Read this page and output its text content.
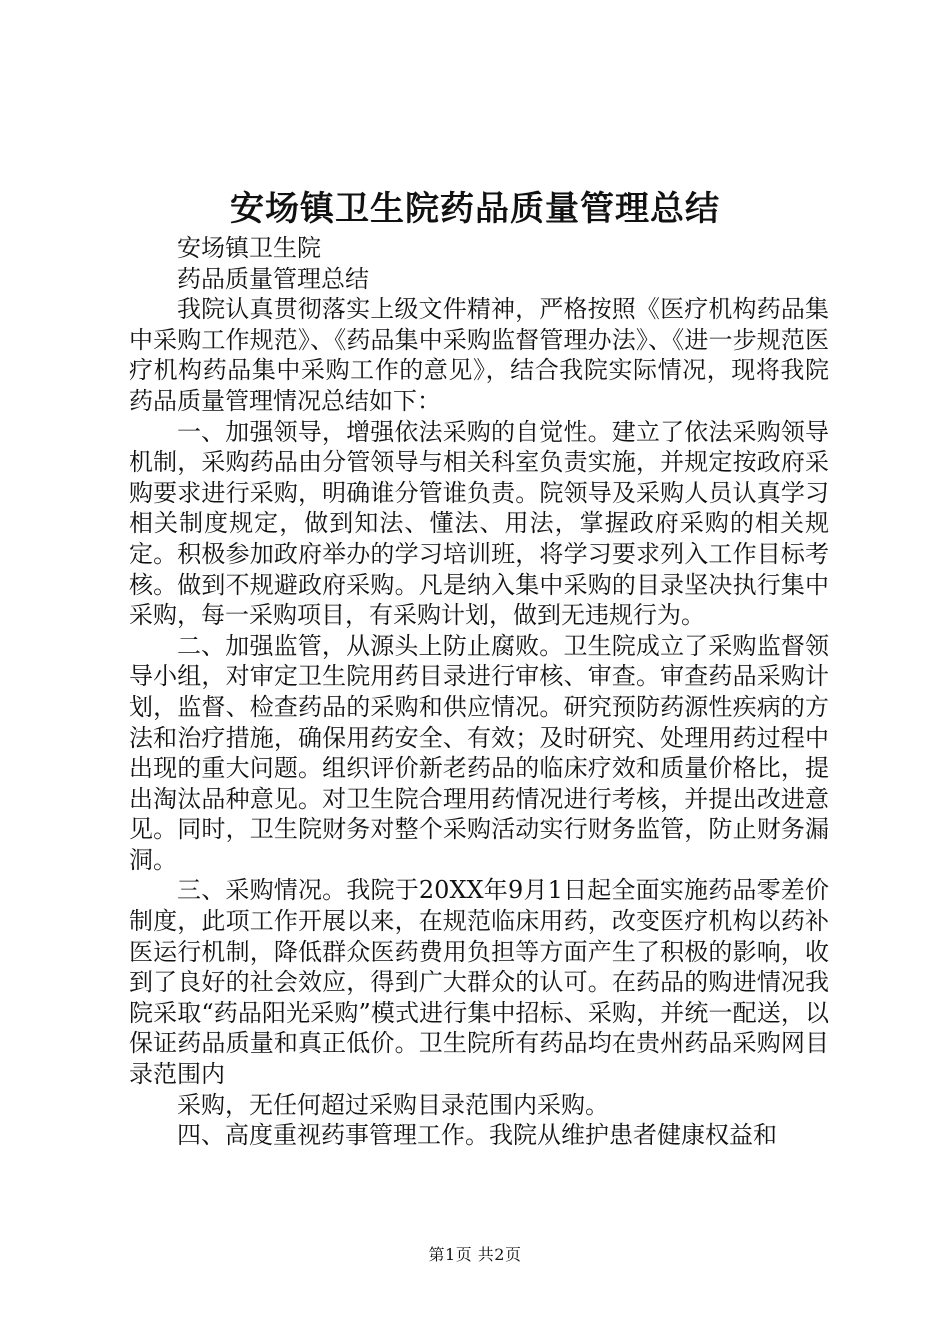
安场镇卫生院药品质量管理总结

安场镇卫生院

药品质量管理总结

我院认真贯彻落实上级文件精神，严格按照《医疗机构药品集中采购工作规范》、《药品集中采购监督管理办法》、《进一步规范医疗机构药品集中采购工作的意见》，结合我院实际情况，现将我院药品质量管理情况总结如下：

一、加强领导，增强依法采购的自觉性。建立了依法采购领导机制，采购药品由分管领导与相关科室负责实施，并规定按政府采购要求进行采购，明确谁分管谁负责。院领导及采购人员认真学习相关制度规定，做到知法、懂法、用法，掌握政府采购的相关规定。积极参加政府举办的学习培训班，将学习要求列入工作目标考核。做到不规避政府采购。凡是纳入集中采购的目录坚决执行集中采购，每一采购项目，有采购计划，做到无违规行为。

二、加强监管，从源头上防止腐败。卫生院成立了采购监督领导小组，对审定卫生院用药目录进行审核、审查。审查药品采购计划，监督、检查药品的采购和供应情况。研究预防药源性疾病的方法和治疗措施，确保用药安全、有效；及时研究、处理用药过程中出现的重大问题。组织评价新老药品的临床疗效和质量价格比，提出淘汰品种意见。对卫生院合理用药情况进行考核，并提出改进意见。同时，卫生院财务对整个采购活动实行财务监管，防止财务漏洞。

三、采购情况。我院于20XX年9月1日起全面实施药品零差价制度，此项工作开展以来，在规范临床用药，改变医疗机构以药补医运行机制，降低群众医药费用负担等方面产生了积极的影响，收到了良好的社会效应，得到广大群众的认可。在药品的购进情况我院采取“药品阳光采购”模式进行集中招标、采购，并统一配送，以保证药品质量和真正低价。卫生院所有药品均在贵州药品采购网目录范围内

采购，无任何超过采购目录范围内采购。

四、高度重视药事管理工作。我院从维护患者健康权益和

第1页 共2页
